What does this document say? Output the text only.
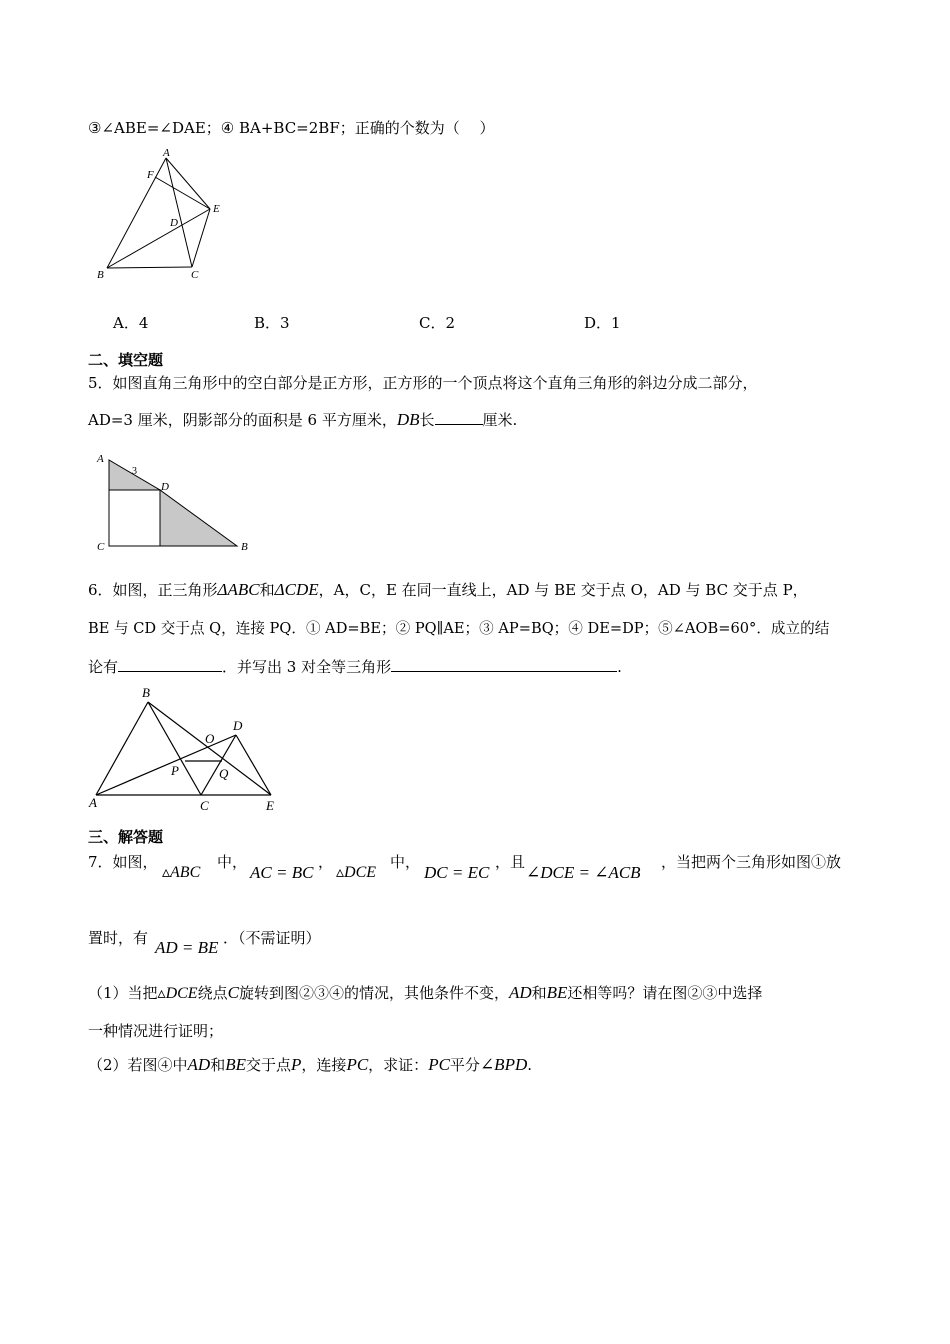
③∠ABE=∠DAE；④ BA+BC=2BF；正确的个数为（　 ）
A
F
E
D
B	C
A．4	B．3	C．2	D．1
二、填空题
5．如图直角三角形中的空白部分是正方形，正方形的一个顶点将这个直角三角形的斜边分成二部分，
AD=3 厘米，阴影部分的面积是 6 平方厘米，DB长	厘米.
A
3
D
C	B
6．如图，正三角形ΔABC和ΔCDE，A，C，E 在同一直线上，AD 与 BE 交于点 O，AD 与 BC 交于点 P，
BE 与 CD 交于点 Q，连接 PQ．① AD=BE；② PQ∥AE；③ AP=BQ；④ DE=DP；⑤∠AOB=60°．成立的结
论有	．并写出 3 对全等三角形	.
B
D
O
P	Q
A	C	E
三、解答题
7．如图，
▵ABC
中，
AC = BC
，
▵DCE
中，
DC = EC
，且
∠DCE = ∠ACB
，当把两个三角形如图①放
置时，有 AD = BE ．（不需证明）
（1）当把▵DCE绕点C旋转到图②③④的情况，其他条件不变，AD和BE还相等吗？请在图②③中选择
一种情况进行证明；
（2）若图④中AD和BE交于点P，连接PC，求证：PC平分∠BPD.
